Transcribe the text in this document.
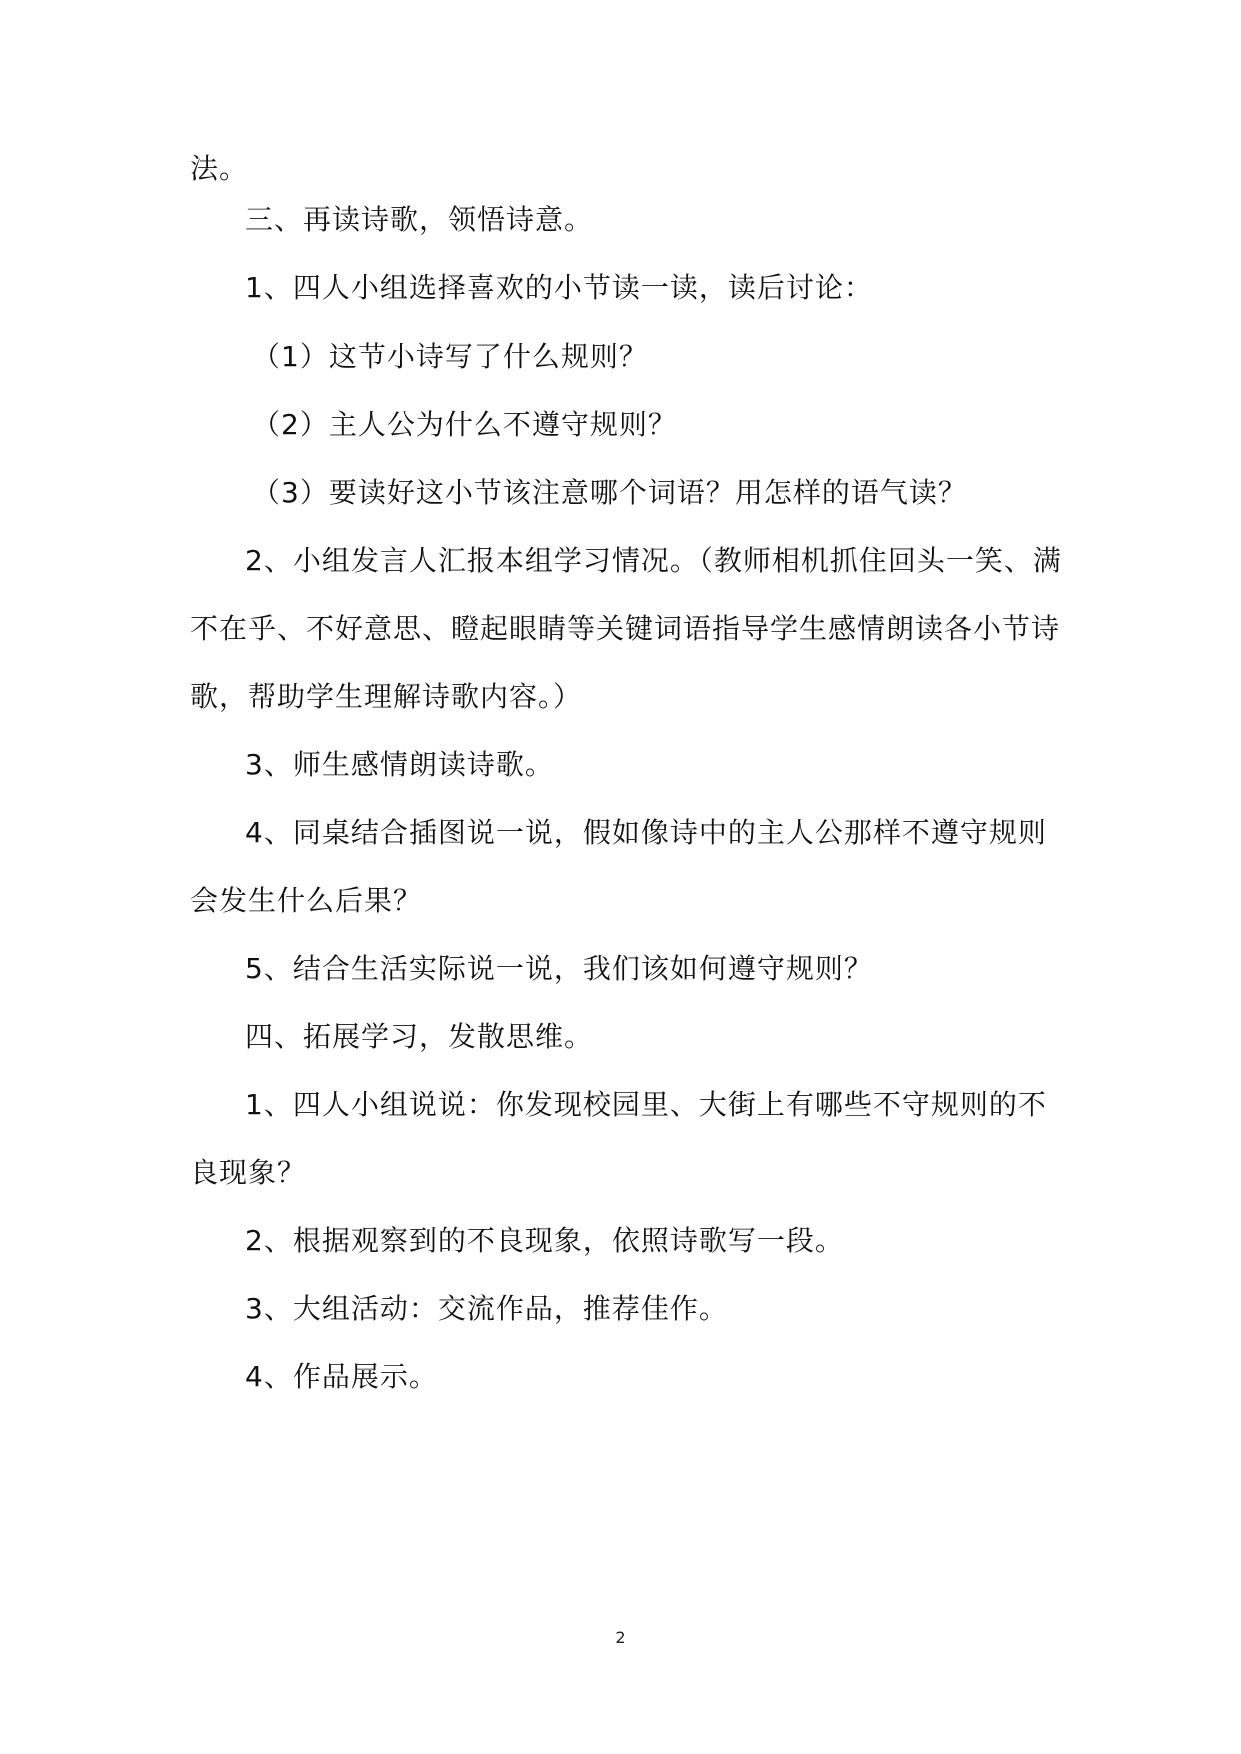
法。
三、再读诗歌，领悟诗意。
1、四人小组选择喜欢的小节读一读，读后讨论：
（1）这节小诗写了什么规则？
（2）主人公为什么不遵守规则？
（3）要读好这小节该注意哪个词语？用怎样的语气读？
2、小组发言人汇报本组学习情况。（教师相机抓住回头一笑、满
不在乎、不好意思、瞪起眼睛等关键词语指导学生感情朗读各小节诗
歌，帮助学生理解诗歌内容。）
3、师生感情朗读诗歌。
4、同桌结合插图说一说，假如像诗中的主人公那样不遵守规则
会发生什么后果？
5、结合生活实际说一说，我们该如何遵守规则？
四、拓展学习，发散思维。
1、四人小组说说：你发现校园里、大街上有哪些不守规则的不
良现象？
2、根据观察到的不良现象，依照诗歌写一段。
3、大组活动：交流作品，推荐佳作。
4、作品展示。
2
